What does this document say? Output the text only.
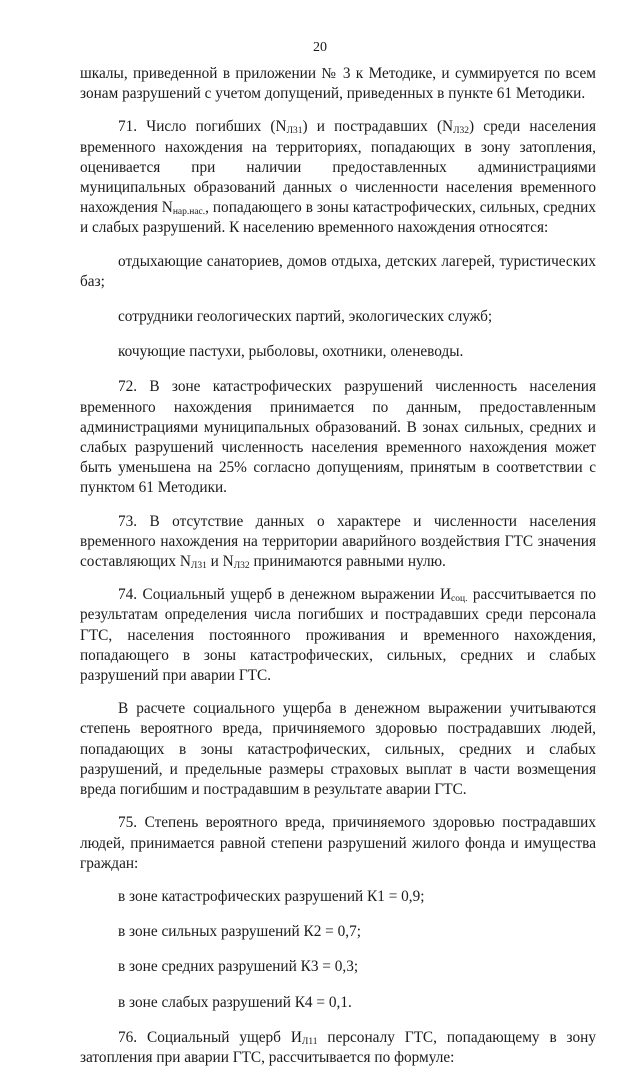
20

шкалы, приведенной в приложении № 3 к Методике, и суммируется по всем зонам разрушений с учетом допущений, приведенных в пункте 61 Методики.

71. Число погибших $(N_{Л31})$ и пострадавших $(N_{Л32})$ среди населения временного нахождения на территориях, попадающих в зону затопления, оценивается при наличии предоставленных администрациями муниципальных образований данных о численности населения временного нахождения $N_{нар.нас.}$, попадающего в зоны катастрофических, сильных, средних и слабых разрушений. К населению временного нахождения относятся:

отдыхающие санаториев, домов отдыха, детских лагерей, туристических баз;

сотрудники геологических партий, экологических служб;

кочующие пастухи, рыболовы, охотники, оленеводы.

72. В зоне катастрофических разрушений численность населения временного нахождения принимается по данным, предоставленным администрациями муниципальных образований. В зонах сильных, средних и слабых разрушений численность населения временного нахождения может быть уменьшена на 25% согласно допущениям, принятым в соответствии с пунктом 61 Методики.

73. В отсутствие данных о характере и численности населения временного нахождения на территории аварийного воздействия ГТС значения составляющих $N_{Л31}$ и $N_{Л32}$ принимаются равными нулю.

74. Социальный ущерб в денежном выражении $И_{соц.}$ рассчитывается по результатам определения числа погибших и пострадавших среди персонала ГТС, населения постоянного проживания и временного нахождения, попадающего в зоны катастрофических, сильных, средних и слабых разрушений при аварии ГТС.

В расчете социального ущерба в денежном выражении учитываются степень вероятного вреда, причиняемого здоровью пострадавших людей, попадающих в зоны катастрофических, сильных, средних и слабых разрушений, и предельные размеры страховых выплат в части возмещения вреда погибшим и пострадавшим в результате аварии ГТС.

75. Степень вероятного вреда, причиняемого здоровью пострадавших людей, принимается равной степени разрушений жилого фонда и имущества граждан:

в зоне катастрофических разрушений К1 = 0,9;

в зоне сильных разрушений К2 = 0,7;

в зоне средних разрушений К3 = 0,3;

в зоне слабых разрушений К4 = 0,1.

76. Социальный ущерб $И_{Л11}$ персоналу ГТС, попадающему в зону затопления при аварии ГТС, рассчитывается по формуле:
